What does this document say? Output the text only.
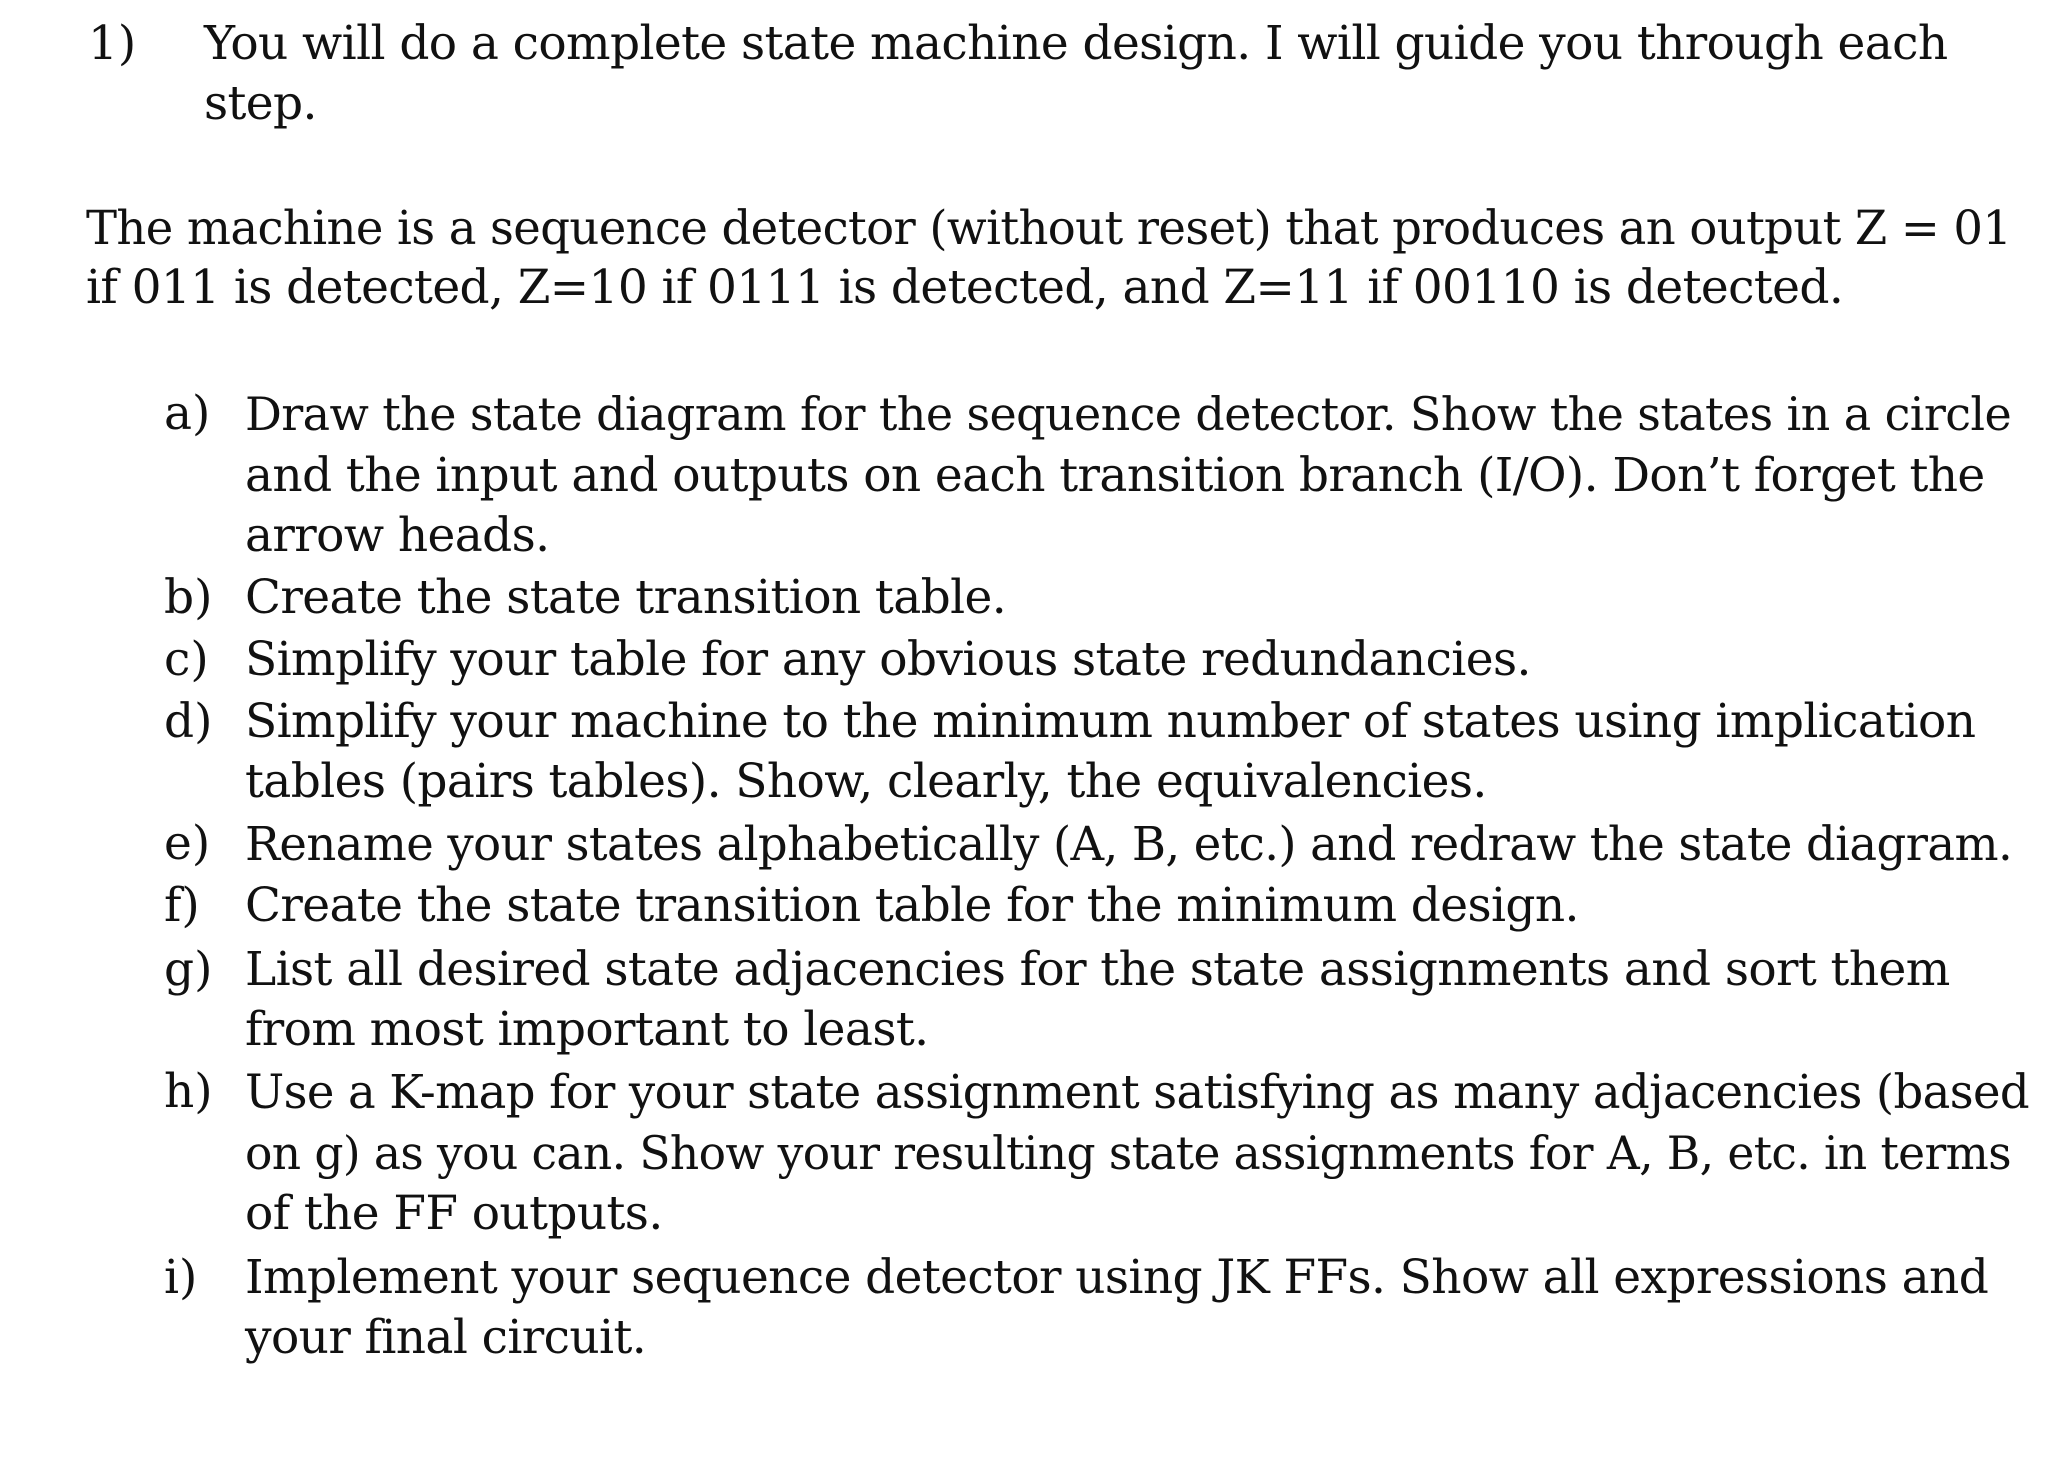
1) You will do a complete state machine design. I will guide you through each
step.
The machine is a sequence detector (without reset) that produces an output Z = 01
if 011 is detected, Z=10 if 0111 is detected, and Z=11 if 00110 is detected.
a) Draw the state diagram for the sequence detector. Show the states in a circle
and the input and outputs on each transition branch (I/O). Don’t forget the
arrow heads.
b) Create the state transition table.
c) Simplify your table for any obvious state redundancies.
d) Simplify your machine to the minimum number of states using implication
tables (pairs tables). Show, clearly, the equivalencies.
e) Rename your states alphabetically (A, B, etc.) and redraw the state diagram.
f) Create the state transition table for the minimum design.
g) List all desired state adjacencies for the state assignments and sort them
from most important to least.
h) Use a K-map for your state assignment satisfying as many adjacencies (based
on g) as you can. Show your resulting state assignments for A, B, etc. in terms
of the FF outputs.
i) Implement your sequence detector using JK FFs. Show all expressions and
your final circuit.
